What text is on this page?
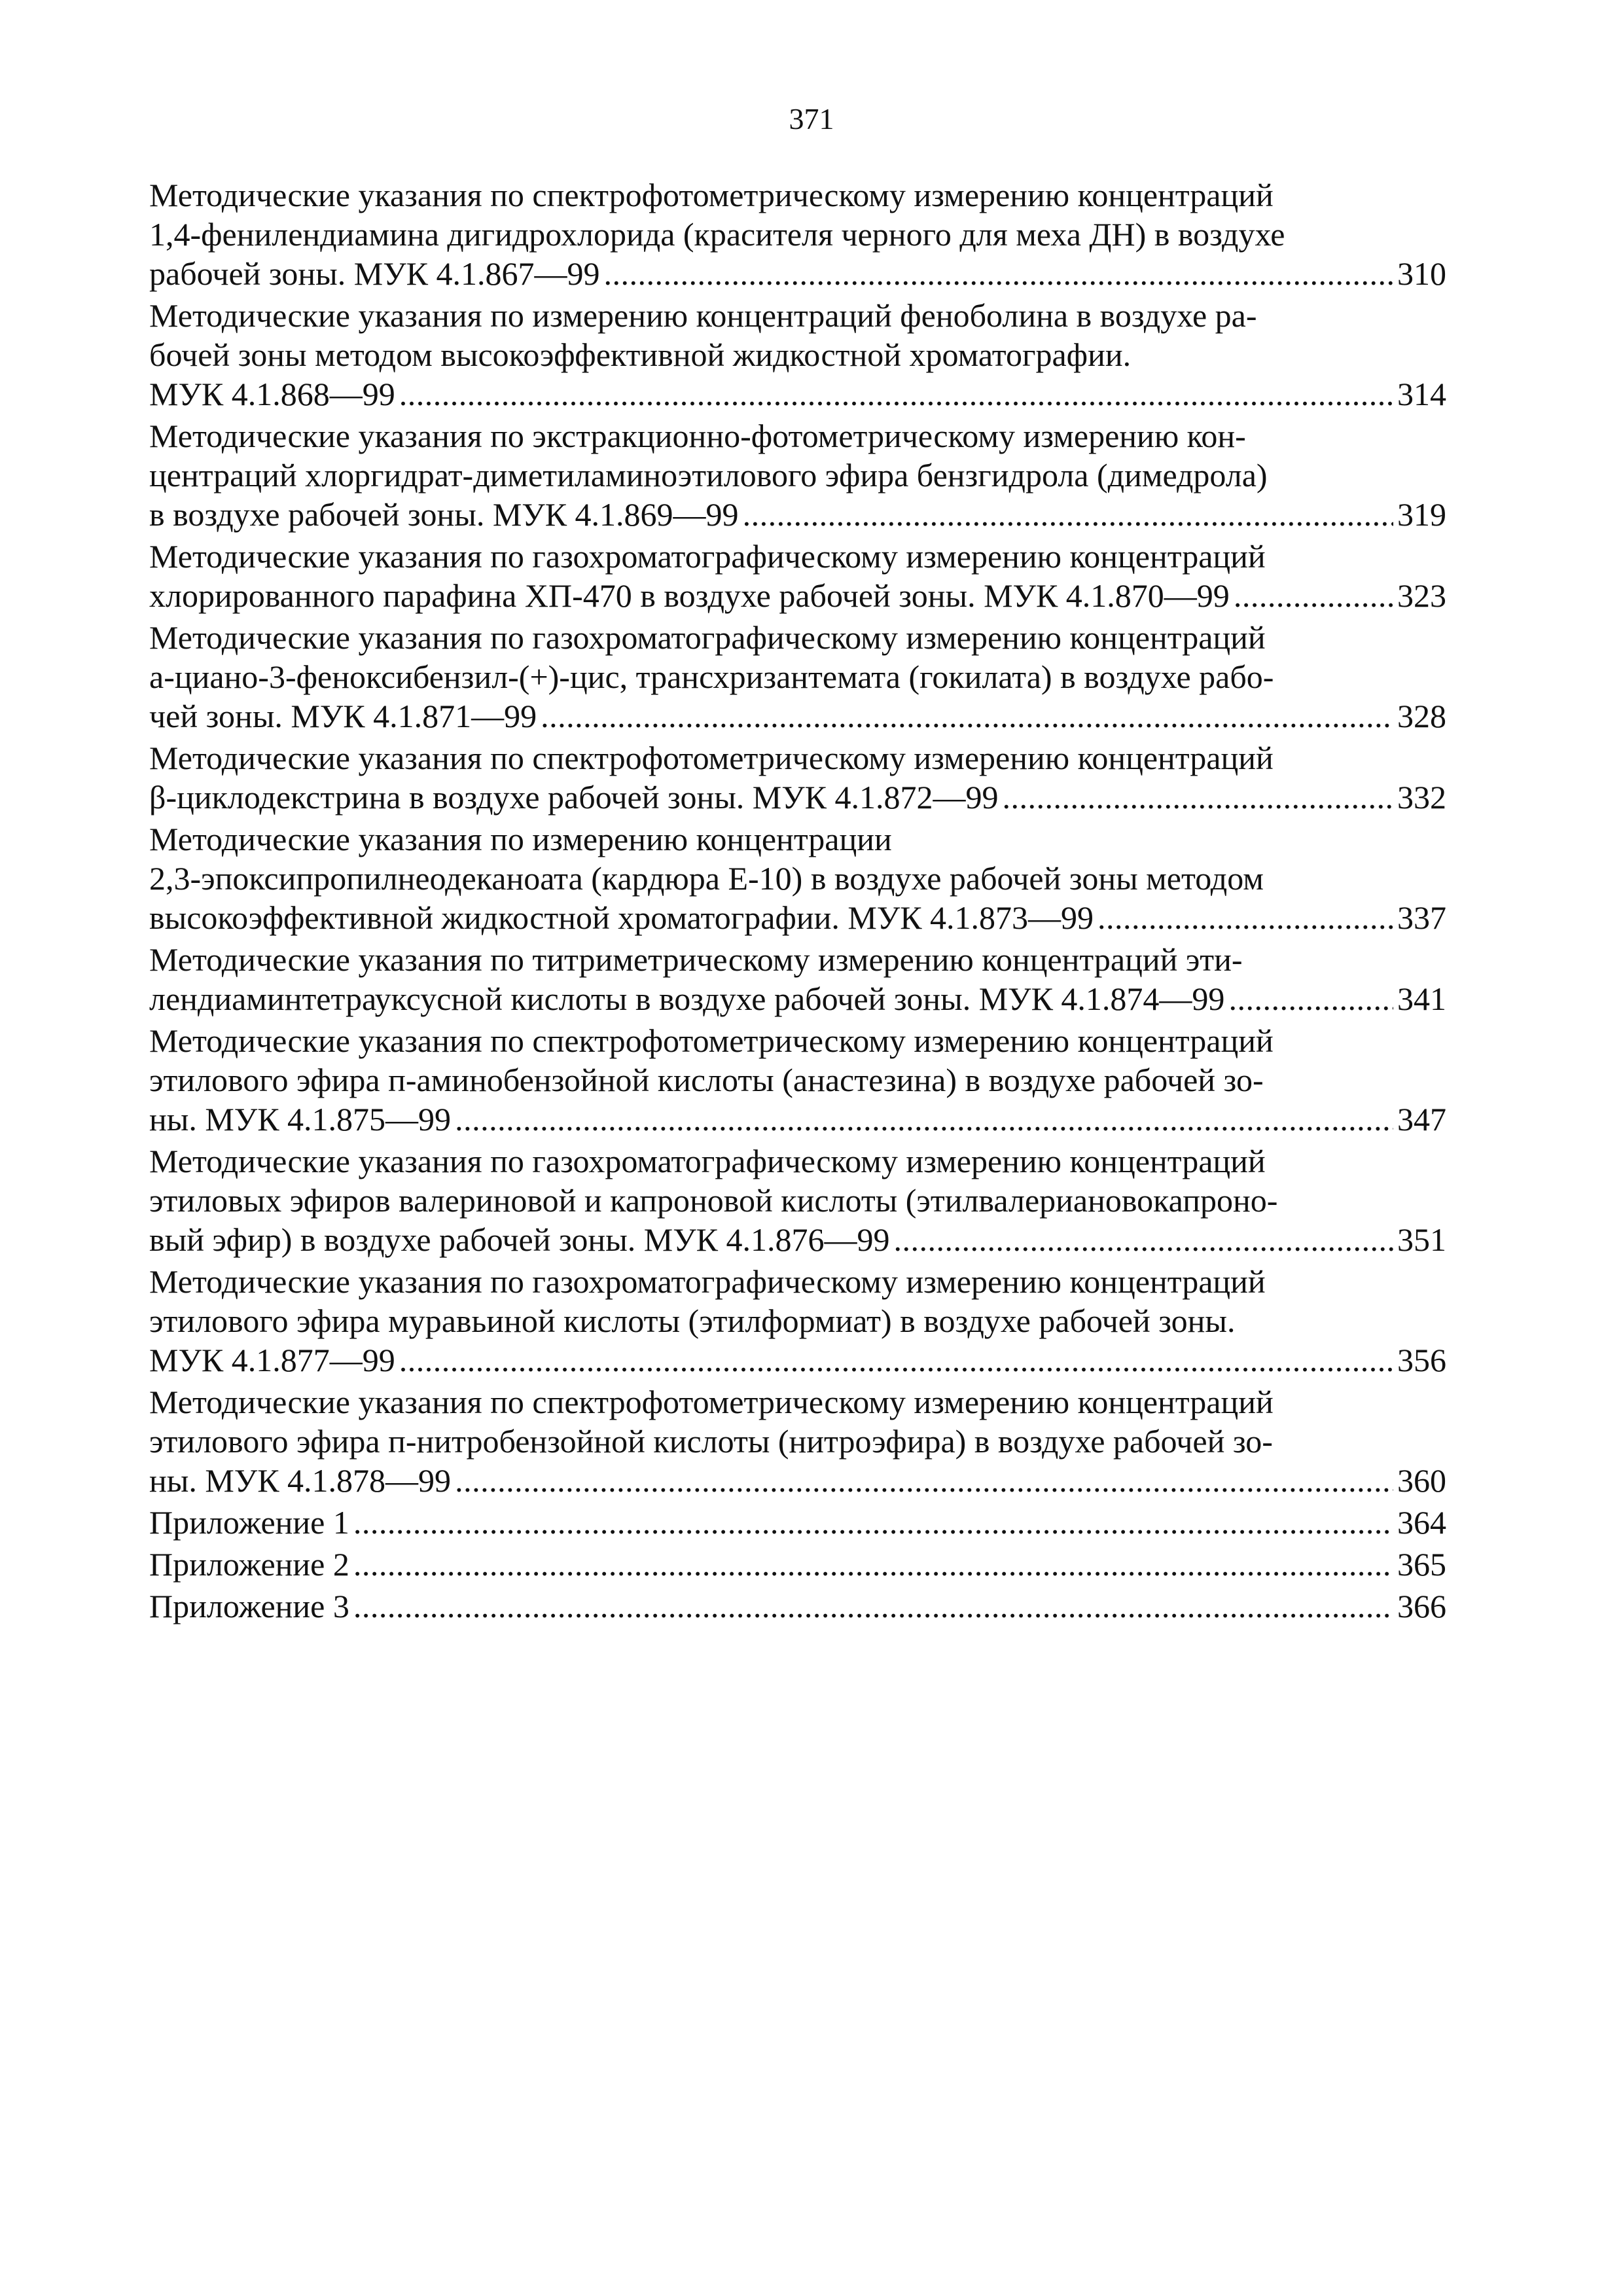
371
Методические указания по спектрофотометрическому измерению концентраций
1,4-фенилендиамина дигидрохлорида (красителя черного для меха ДН) в воздухе
рабочей зоны. МУК 4.1.867—99 . . .	310
Методические указания по измерению концентраций феноболина в воздухе ра-
бочей зоны методом высокоэффективной жидкостной хроматографии.
МУК 4.1.868—99 . . .	314
Методические указания по экстракционно-фотометрическому измерению кон-
центраций хлоргидрат-диметиламиноэтилового эфира бензгидрола (димедрола)
в воздухе рабочей зоны. МУК 4.1.869—99 . . .	319
Методические указания по газохроматографическому измерению концентраций
хлорированного парафина ХП-470 в воздухе рабочей зоны. МУК 4.1.870—99 . . .	323
Методические указания по газохроматографическому измерению концентраций
а-циано-3-феноксибензил-(+)-цис, трансхризантемата (гокилата) в воздухе рабо-
чей зоны. МУК 4.1.871—99 . . .	328
Методические указания по спектрофотометрическому измерению концентраций
β-циклодекстрина в воздухе рабочей зоны. МУК 4.1.872—99 . . .	332
Методические указания по измерению концентрации
2,3-эпоксипропилнеодеканоата (кардюра Е-10) в воздухе рабочей зоны методом
высокоэффективной жидкостной хроматографии. МУК 4.1.873—99 . . .	337
Методические указания по титриметрическому измерению концентраций эти-
лендиаминтетрауксусной кислоты в воздухе рабочей зоны. МУК 4.1.874—99 . . .	341
Методические указания по спектрофотометрическому измерению концентраций
этилового эфира п-аминобензойной кислоты (анастезина) в воздухе рабочей зо-
ны. МУК 4.1.875—99 . . .	347
Методические указания по газохроматографическому измерению концентраций
этиловых эфиров валериновой и капроновой кислоты (этилвалериановокапроно-
вый эфир) в воздухе рабочей зоны. МУК 4.1.876—99 . . .	351
Методические указания по газохроматографическому измерению концентраций
этилового эфира муравьиной кислоты (этилформиат) в воздухе рабочей зоны.
МУК 4.1.877—99 . . .	356
Методические указания по спектрофотометрическому измерению концентраций
этилового эфира п-нитробензойной кислоты (нитроэфира) в воздухе рабочей зо-
ны. МУК 4.1.878—99 . . .	360
Приложение 1 . . .	364
Приложение 2 . . .	365
Приложение 3 . . .	366
